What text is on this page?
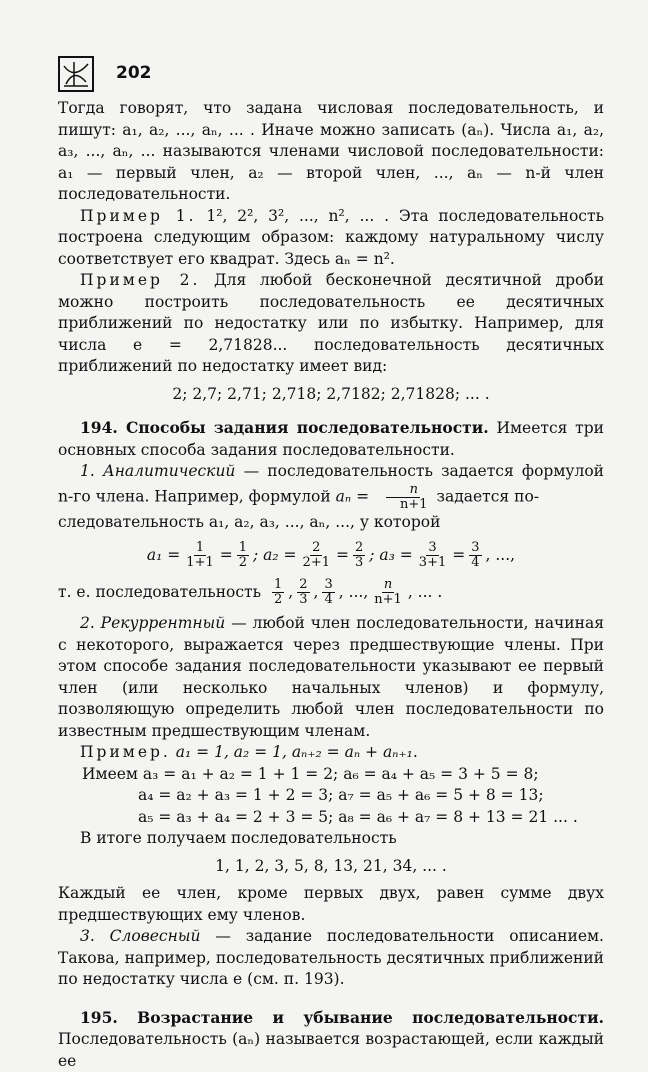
202

Тогда говорят, что задана числовая последовательность, и пишут: a₁, a₂, ..., aₙ, ... . Иначе можно записать (aₙ). Числа a₁, a₂, a₃, ..., aₙ, ... называются членами числовой последовательности: a₁ — первый член, a₂ — второй член, ..., aₙ — n-й член последовательности.

Пример 1. 1², 2², 3², ..., n², ... . Эта последовательность построена следующим образом: каждому натуральному числу соответствует его квадрат. Здесь aₙ = n².

Пример 2. Для любой бесконечной десятичной дроби можно построить последовательность ее десятичных приближений по недостатку или по избытку. Например, для числа e = 2,71828... последовательность десятичных приближений по недостатку имеет вид:

2; 2,7; 2,71; 2,718; 2,7182; 2,71828; ... .

194. Способы задания последовательности. Имеется три основных способа задания последовательности.

1. Аналитический — последовательность задается формулой n-го члена. Например, формулой $a_n = \frac{n}{n+1}$ задается по-

следовательность a₁, a₂, a₃, ..., aₙ, ..., у которой

$a_1 = \frac{1}{1+1} = \frac{1}{2}$ ; $a_2 = \frac{2}{2+1} = \frac{2}{3}$ ; $a_3 = \frac{3}{3+1} = \frac{3}{4}$ , ...,
т. е. последовательность
$\frac{1}{2}$ , $\frac{2}{3}$ , $\frac{3}{4}$ , ..., $\frac{n}{n+1}$ , ... .

2. Рекуррентный — любой член последовательности, начиная с некоторого, выражается через предшествующие члены. При этом способе задания последовательности указывают ее первый член (или несколько начальных членов) и формулу, позволяющую определить любой член последовательности по известным предшествующим членам.

Пример. a₁ = 1, a₂ = 1, aₙ₊₂ = aₙ + aₙ₊₁.

Имеем a₃ = a₁ + a₂ = 1 + 1 = 2; a₆ = a₄ + a₅ = 3 + 5 = 8;

a₄ = a₂ + a₃ = 1 + 2 = 3; a₇ = a₅ + a₆ = 5 + 8 = 13;

a₅ = a₃ + a₄ = 2 + 3 = 5; a₈ = a₆ + a₇ = 8 + 13 = 21 ... .

В итоге получаем последовательность

1, 1, 2, 3, 5, 8, 13, 21, 34, ... .

Каждый ее член, кроме первых двух, равен сумме двух предшествующих ему членов.

3. Словесный — задание последовательности описанием. Такова, например, последовательность десятичных приближений по недостатку числа e (см. п. 193).

195. Возрастание и убывание последовательности. Последовательность (aₙ) называется возрастающей, если каждый ее
